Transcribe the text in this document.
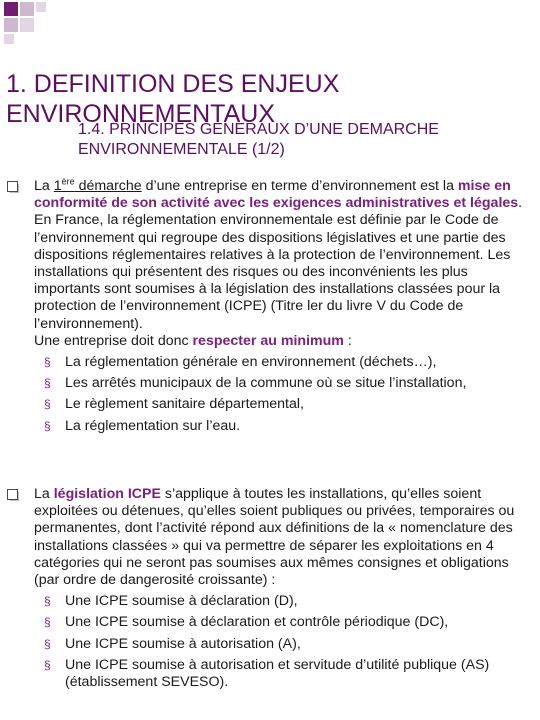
1. DEFINITION DES ENJEUX ENVIRONNEMENTAUX
1.4. PRINCIPES GENERAUX D’UNE DEMARCHE ENVIRONNEMENTALE (1/2)

La 1ère démarche d’une entreprise en terme d’environnement est la mise en conformité de son activité avec les exigences administratives et légales.

En France, la réglementation environnementale est définie par le Code de l’environnement qui regroupe des dispositions législatives et une partie des dispositions réglementaires relatives à la protection de l’environnement. Les installations qui présentent des risques ou des inconvénients les plus importants sont soumises à la législation des installations classées pour la protection de l’environnement (ICPE) (Titre ler du livre V du Code de l’environnement).

Une entreprise doit donc respecter au minimum :

§ La réglementation générale en environnement (déchets…),
§ Les arrêtés municipaux de la commune où se situe l’installation,
§ Le règlement sanitaire départemental,
§ La réglementation sur l’eau.

La législation ICPE s’applique à toutes les installations, qu’elles soient exploitées ou détenues, qu’elles soient publiques ou privées, temporaires ou permanentes, dont l’activité répond aux définitions de la « nomenclature des installations classées » qui va permettre de séparer les exploitations en 4 catégories qui ne seront pas soumises aux mêmes consignes et obligations (par ordre de dangerosité croissante) :

§ Une ICPE soumise à déclaration (D),
§ Une ICPE soumise à déclaration et contrôle périodique (DC),
§ Une ICPE soumise à autorisation (A),
§ Une ICPE soumise à autorisation et servitude d’utilité publique (AS) (établissement SEVESO).
